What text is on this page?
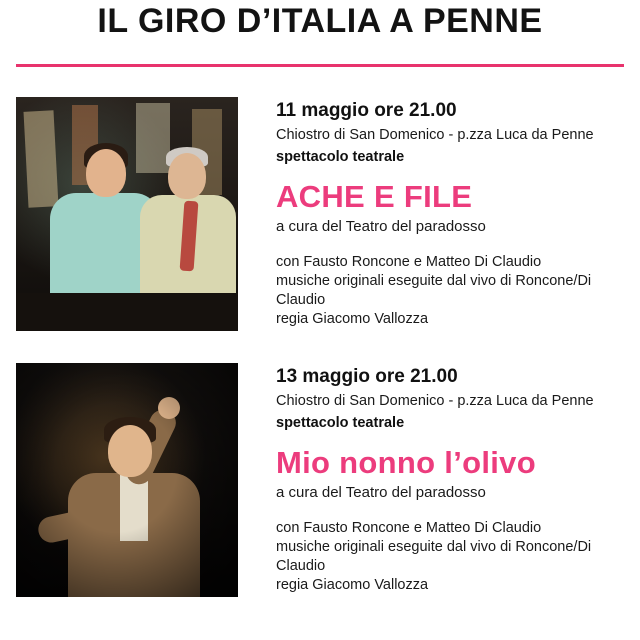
IL GIRO D’ITALIA A PENNE
11 maggio ore 21.00
Chiostro di San Domenico - p.zza Luca da Penne
spettacolo teatrale
ACHE E FILE
a cura del Teatro del paradosso
con Fausto Roncone e Matteo Di Claudio
musiche originali eseguite dal vivo di Roncone/Di Claudio
regia Giacomo Vallozza
13 maggio ore 21.00
Chiostro di San Domenico - p.zza Luca da Penne
spettacolo teatrale
Mio nonno l’olivo
a cura del Teatro del paradosso
con Fausto Roncone e Matteo Di Claudio
musiche originali eseguite dal vivo di Roncone/Di Claudio
regia Giacomo Vallozza
